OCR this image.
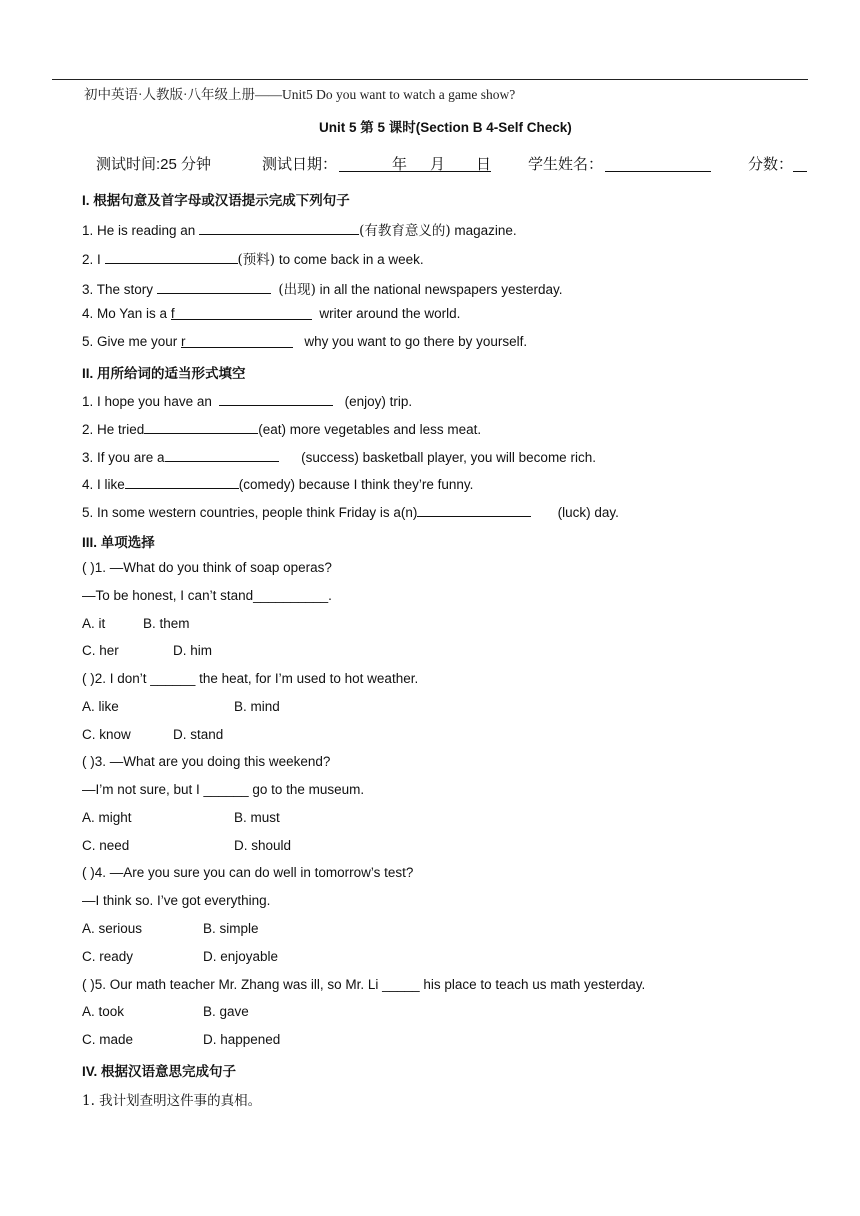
初中英语·人教版·八年级上册——Unit5 Do you want to watch a game show?
Unit 5 第 5 课时(Section B 4-Self Check)
测试时间:25 分钟	测试日期：	年 月 日 学生姓名：	分数：
I. 根据句意及首字母或汉语提示完成下列句子
1. He is reading an	(有教育意义的) magazine.
2. I	(预料) to come back in a week.
3. The story	(出现) in all the national newspapers yesterday.
4. Mo Yan is a f	writer around the world.
5. Give me your r	why you want to go there by yourself.
II. 用所给词的适当形式填空
1. I hope you have an	(enjoy) trip.
2. He tried	(eat) more vegetables and less meat.
3. If you are a	(success) basketball player, you will become rich.
4. I like	(comedy) because I think they’re funny.
5. In some western countries, people think Friday is a(n)	(luck) day.
III. 单项选择
( )1. —What do you think of soap operas?
—To be honest, I can’t stand__________.
A. it	B. them
C. her	D. him
( )2. I don’t ______ the heat, for I’m used to hot weather.
A. like	B. mind
C. know	D. stand
( )3. —What are you doing this weekend?
—I’m not sure, but I ______ go to the museum.
A. might	B. must
C. need	D. should
( )4. —Are you sure you can do well in tomorrow’s test?
—I think so. I’ve got everything.
A. serious	B. simple
C. ready	D. enjoyable
( )5. Our math teacher Mr. Zhang was ill, so Mr. Li _____ his place to teach us math yesterday.
A. took	B. gave
C. made	D. happened
IV. 根据汉语意思完成句子
1. 我计划查明这件事的真相。
